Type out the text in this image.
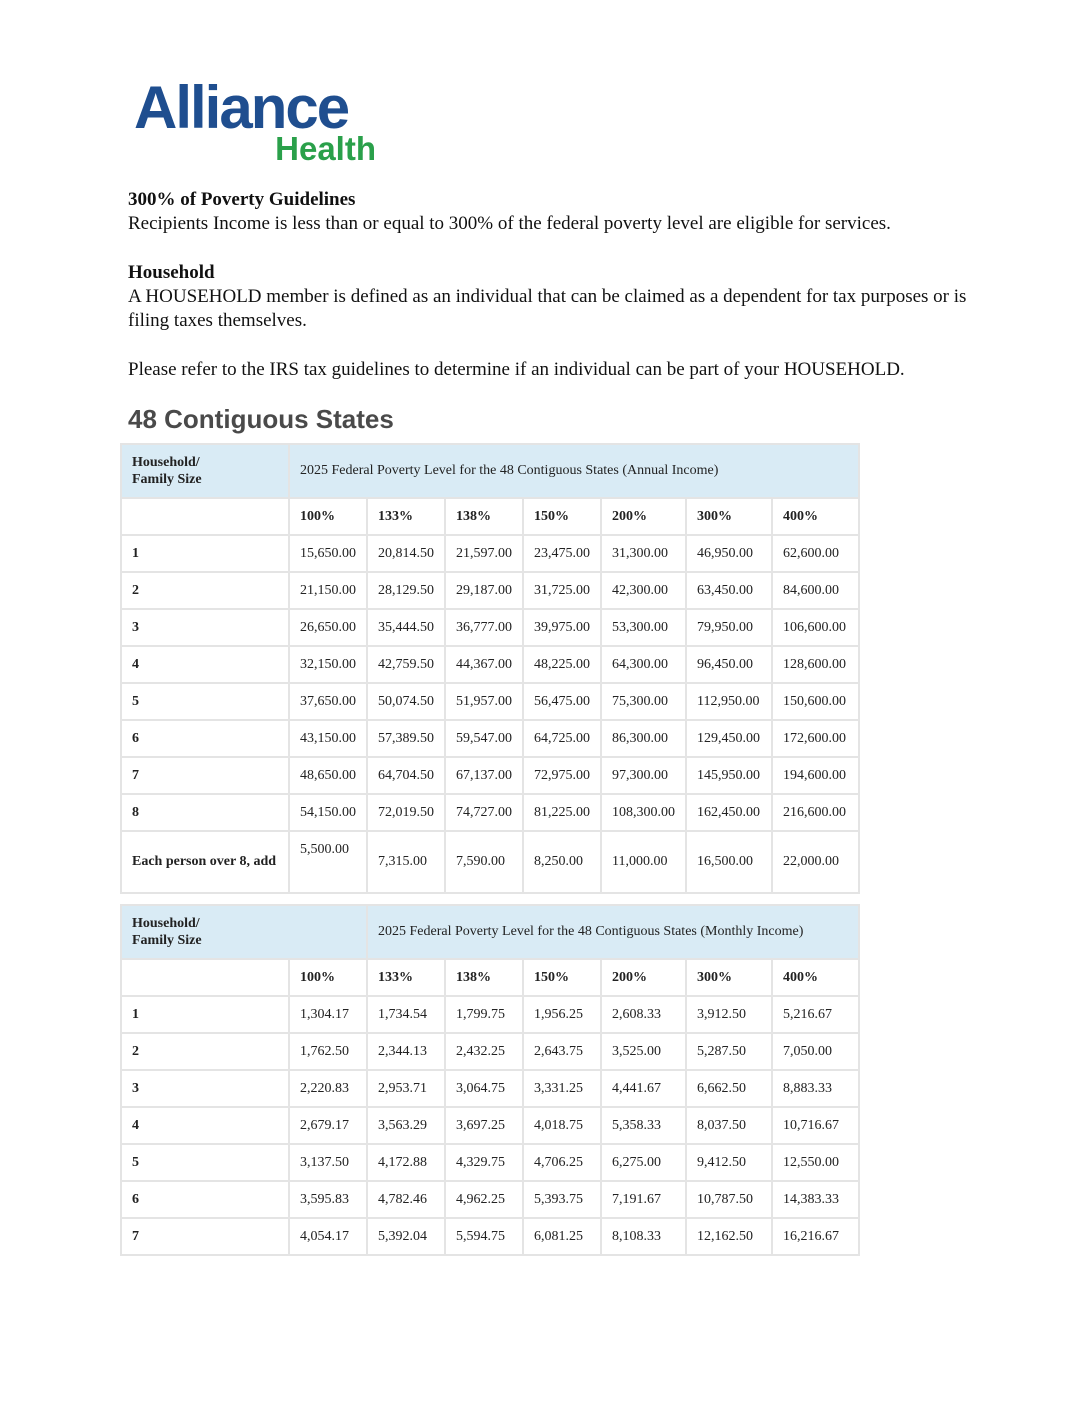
Alliance
Health
300% of Poverty Guidelines
Recipients Income is less than or equal to 300% of the federal poverty level are eligible for services.
Household
A HOUSEHOLD member is defined as an individual that can be claimed as a dependent for tax purposes or is filing taxes themselves.
Please refer to the IRS tax guidelines to determine if an individual can be part of your HOUSEHOLD.
48 Contiguous States
Household/
Family Size	2025 Federal Poverty Level for the 48 Contiguous States (Annual Income)						
	100%	133%	138%	150%	200%	300%	400%
1	15,650.00	20,814.50	21,597.00	23,475.00	31,300.00	46,950.00	62,600.00
2	21,150.00	28,129.50	29,187.00	31,725.00	42,300.00	63,450.00	84,600.00
3	26,650.00	35,444.50	36,777.00	39,975.00	53,300.00	79,950.00	106,600.00
4	32,150.00	42,759.50	44,367.00	48,225.00	64,300.00	96,450.00	128,600.00
5	37,650.00	50,074.50	51,957.00	56,475.00	75,300.00	112,950.00	150,600.00
6	43,150.00	57,389.50	59,547.00	64,725.00	86,300.00	129,450.00	172,600.00
7	48,650.00	64,704.50	67,137.00	72,975.00	97,300.00	145,950.00	194,600.00
8	54,150.00	72,019.50	74,727.00	81,225.00	108,300.00	162,450.00	216,600.00
Each person over 8, add	5,500.00	7,315.00	7,590.00	8,250.00	11,000.00	16,500.00	22,000.00
Household/
Family Size		2025 Federal Poverty Level for the 48 Contiguous States (Monthly Income)					
	100%	133%	138%	150%	200%	300%	400%
1	1,304.17	1,734.54	1,799.75	1,956.25	2,608.33	3,912.50	5,216.67
2	1,762.50	2,344.13	2,432.25	2,643.75	3,525.00	5,287.50	7,050.00
3	2,220.83	2,953.71	3,064.75	3,331.25	4,441.67	6,662.50	8,883.33
4	2,679.17	3,563.29	3,697.25	4,018.75	5,358.33	8,037.50	10,716.67
5	3,137.50	4,172.88	4,329.75	4,706.25	6,275.00	9,412.50	12,550.00
6	3,595.83	4,782.46	4,962.25	5,393.75	7,191.67	10,787.50	14,383.33
7	4,054.17	5,392.04	5,594.75	6,081.25	8,108.33	12,162.50	16,216.67
